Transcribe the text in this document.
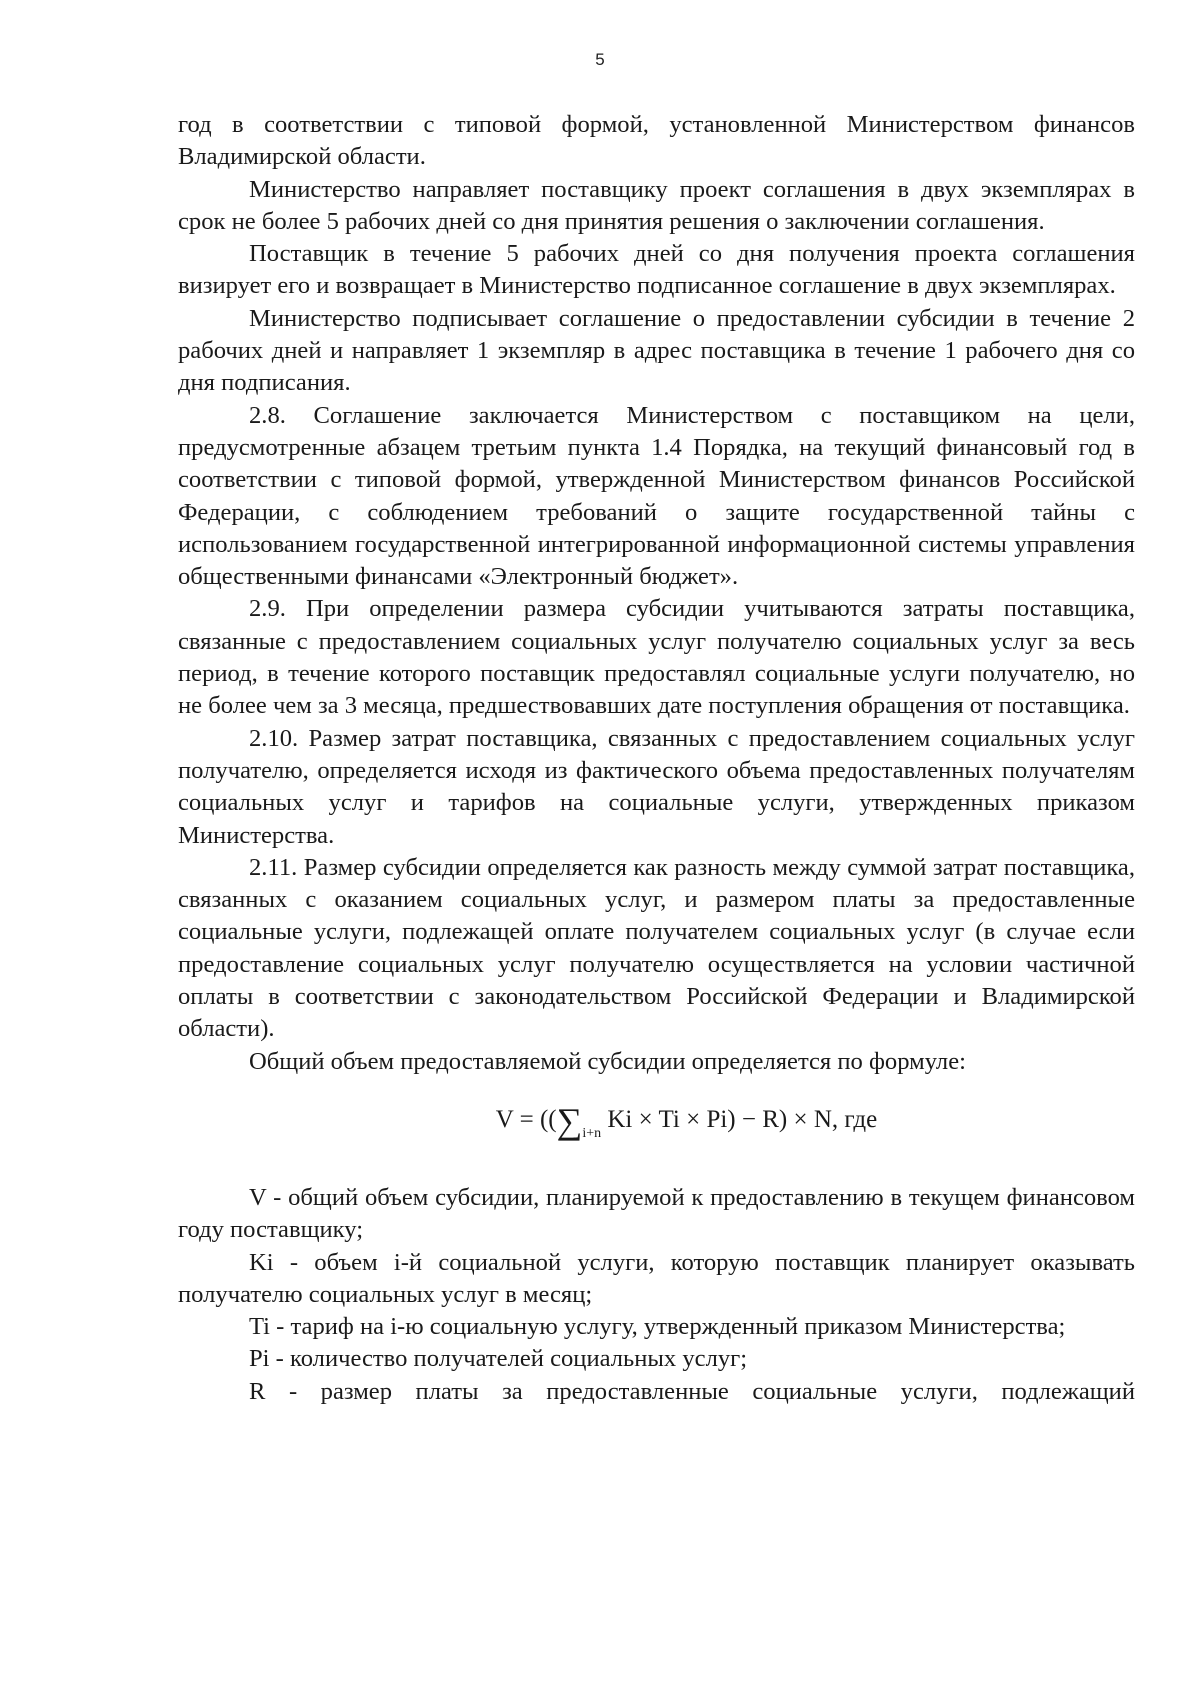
5

год в соответствии с типовой формой, установленной Министерством финансов Владимирской области.

Министерство направляет поставщику проект соглашения в двух экземплярах в срок не более 5 рабочих дней со дня принятия решения о заключении соглашения.

Поставщик в течение 5 рабочих дней со дня получения проекта соглашения визирует его и возвращает в Министерство подписанное соглашение в двух экземплярах.

Министерство подписывает соглашение о предоставлении субсидии в течение 2 рабочих дней и направляет 1 экземпляр в адрес поставщика в течение 1 рабочего дня со дня подписания.

2.8. Соглашение заключается Министерством с поставщиком на цели, предусмотренные абзацем третьим пункта 1.4 Порядка, на текущий финансовый год в соответствии с типовой формой, утвержденной Министерством финансов Российской Федерации, с соблюдением требований о защите государственной тайны с использованием государственной интегрированной информационной системы управления общественными финансами «Электронный бюджет».

2.9. При определении размера субсидии учитываются затраты поставщика, связанные с предоставлением социальных услуг получателю социальных услуг за весь период, в течение которого поставщик предоставлял социальные услуги получателю, но не более чем за 3 месяца, предшествовавших дате поступления обращения от поставщика.

2.10. Размер затрат поставщика, связанных с предоставлением социальных услуг получателю, определяется исходя из фактического объема предоставленных получателям социальных услуг и тарифов на социальные услуги, утвержденных приказом Министерства.

2.11. Размер субсидии определяется как разность между суммой затрат поставщика, связанных с оказанием социальных услуг, и размером платы за предоставленные социальные услуги, подлежащей оплате получателем социальных услуг (в случае если предоставление социальных услуг получателю осуществляется на условии частичной оплаты в соответствии с законодательством Российской Федерации и Владимирской области).

Общий объем предоставляемой субсидии определяется по формуле:

$V = ((\sum_{i+n}$ Ki × Ti × Pi) − R) × N, где

V - общий объем субсидии, планируемой к предоставлению в текущем финансовом году поставщику;

Ki - объем i-й социальной услуги, которую поставщик планирует оказывать получателю социальных услуг в месяц;

Ti - тариф на i-ю социальную услугу, утвержденный приказом Министерства;

Pi - количество получателей социальных услуг;

R - размер платы за предоставленные социальные услуги, подлежащий
